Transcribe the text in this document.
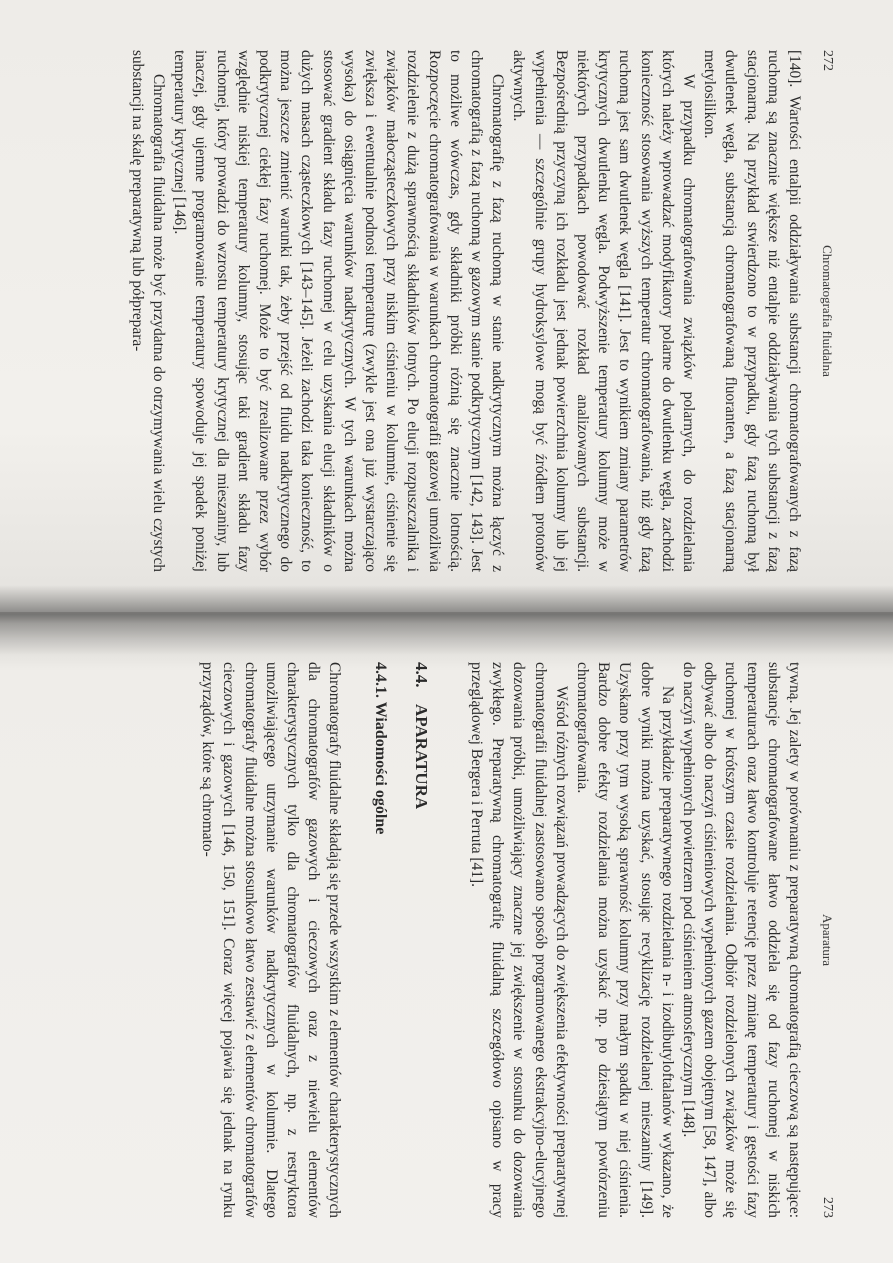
272
Chromatografia fluidalna

[140]. Wartości entalpii oddziaływania substancji chromatografowanych z fazą ruchomą są znacznie większe niż entalpie oddziaływania tych substancji z fazą stacjonarną. Na przykład stwierdzono to w przypadku, gdy fazą ruchomą był dwutlenek węgla, substancją chromatografowaną fluoranten, a fazą stacjonarną metylosilikon.

W przypadku chromatografowania związków polarnych, do rozdzielania których należy wprowadzać modyfikatory polarne do dwutlenku węgla, zachodzi konieczność stosowania wyższych temperatur chromatografowania, niż gdy fazą ruchomą jest sam dwutlenek węgla [141]. Jest to wynikiem zmiany parametrów krytycznych dwutlenku węgla. Podwyższenie temperatury kolumny może w niektórych przypadkach powodować rozkład analizowanych substancji. Bezpośrednią przyczyną ich rozkładu jest jednak powierzchnia kolumny lub jej wypełnienia — szczególnie grupy hydroksylowe mogą być źródłem protonów aktywnych.

Chromatografię z fazą ruchomą w stanie nadkrytycznym można łączyć z chromatografią z fazą ruchomą w gazowym stanie podkrytycznym [142, 143]. Jest to możliwe wówczas, gdy składniki próbki różnią się znacznie lotnością. Rozpoczęcie chromatografowania w warunkach chromatografii gazowej umożliwia rozdzielenie z dużą sprawnością składników lotnych. Po elucji rozpuszczalnika i związków małocząsteczkowych przy niskim ciśnieniu w kolumnie, ciśnienie się zwiększa i ewentualnie podnosi temperaturę (zwykle jest ona już wystarczająco wysoka) do osiągnięcia warunków nadkrytycznych. W tych warunkach można stosować gradient składu fazy ruchomej w celu uzyskania elucji składników o dużych masach cząsteczkowych [143–145]. Jeżeli zachodzi taka konieczność, to można jeszcze zmienić warunki tak, żeby przejść od fluidu nadkrytycznego do podkrytycznej ciekłej fazy ruchomej. Może to być zrealizowane przez wybór względnie niskiej temperatury kolumny, stosując taki gradient składu fazy ruchomej, który prowadzi do wzrostu temperatury krytycznej dla mieszaniny, lub inaczej, gdy ujemne programowanie temperatury spowoduje jej spadek poniżej temperatury krytycznej [146].

Chromatografia fluidalna może być przydatna do otrzymywania wielu czystych substancji na skalę preparatywną lub półprepara-

Aparatura
273

tywną. Jej zalety w porównaniu z preparatywną chromatografią cieczową są następujące: substancje chromatografowane łatwo oddziela się od fazy ruchomej w niskich temperaturach oraz łatwo kontroluje retencję przez zmianę temperatury i gęstości fazy ruchomej w krótszym czasie rozdzielania. Odbiór rozdzielonych związków może się odbywać albo do naczyń ciśnieniowych wypełnionych gazem obojętnym [58, 147], albo do naczyń wypełnionych powietrzem pod ciśnieniem atmosferycznym [148].

Na przykładzie preparatywnego rozdzielania n- i izodibutyloftalanów wykazano, że dobre wyniki można uzyskać, stosując recyklizację rozdzielanej mieszaniny [149]. Uzyskano przy tym wysoką sprawność kolumny przy małym spadku w niej ciśnienia. Bardzo dobre efekty rozdzielania można uzyskać np. po dziesiątym powtórzeniu chromatografowania.

Wśród różnych rozwiązań prowadzących do zwiększenia efektywności preparatywnej chromatografii fluidalnej zastosowano sposób programowanego ekstrakcyjno-elucyjnego dozowania próbki, umożliwiający znaczne jej zwiększenie w stosunku do dozowania zwykłego. Preparatywną chromatografię fluidalną szczegółowo opisano w pracy przeglądowej Bergera i Perruta [41].

4.4.APARATURA
4.4.1. Wiadomości ogólne

Chromatografy fluidalne składają się przede wszystkim z elementów charakterystycznych dla chromatografów gazowych i cieczowych oraz z niewielu elementów charakterystycznych tylko dla chromatografów fluidalnych, np. z restryktora umożliwiającego utrzymanie warunków nadkrytycznych w kolumnie. Dlatego chromatografy fluidalne można stosunkowo łatwo zestawić z elementów chromatografów cieczowych i gazowych [146, 150, 151]. Coraz więcej pojawia się jednak na rynku przyrządów, które są chromato-
